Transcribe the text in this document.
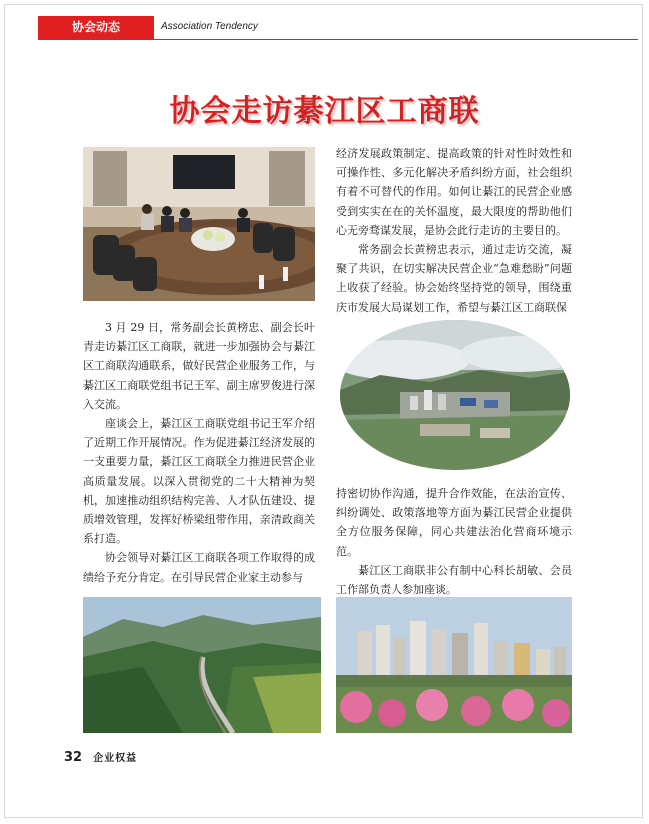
协会动态	Association Tendency
协会走访綦江区工商联

3 月 29 日，常务副会长黄榜忠、副会长叶青走访綦江区工商联，就进一步加强协会与綦江区工商联沟通联系，做好民营企业服务工作，与綦江区工商联党组书记王军、副主席罗俊进行深入交流。

座谈会上，綦江区工商联党组书记王军介绍了近期工作开展情况。作为促进綦江经济发展的一支重要力量，綦江区工商联全力推进民营企业高质量发展。以深入贯彻党的二十大精神为契机，加速推动组织结构完善、人才队伍建设、提质增效管理，发挥好桥梁纽带作用，亲清政商关系打造。

协会领导对綦江区工商联各项工作取得的成绩给予充分肯定。在引导民营企业家主动参与

经济发展政策制定、提高政策的针对性时效性和可操作性、多元化解决矛盾纠纷方面，社会组织有着不可替代的作用。如何让綦江的民营企业感受到实实在在的关怀温度，最大限度的帮助他们心无旁骛谋发展，是协会此行走访的主要目的。

常务副会长黄榜忠表示，通过走访交流，凝聚了共识，在切实解决民营企业“急难愁盼”问题上收获了经验。协会始终坚持党的领导，围绕重庆市发展大局谋划工作，希望与綦江区工商联保

持密切协作沟通，提升合作效能，在法治宣传、纠纷调处、政策落地等方面为綦江民营企业提供全方位服务保障，同心共建法治化营商环境示范。

綦江区工商联非公有制中心科长胡敏、会员工作部负责人参加座谈。

32 企业权益
